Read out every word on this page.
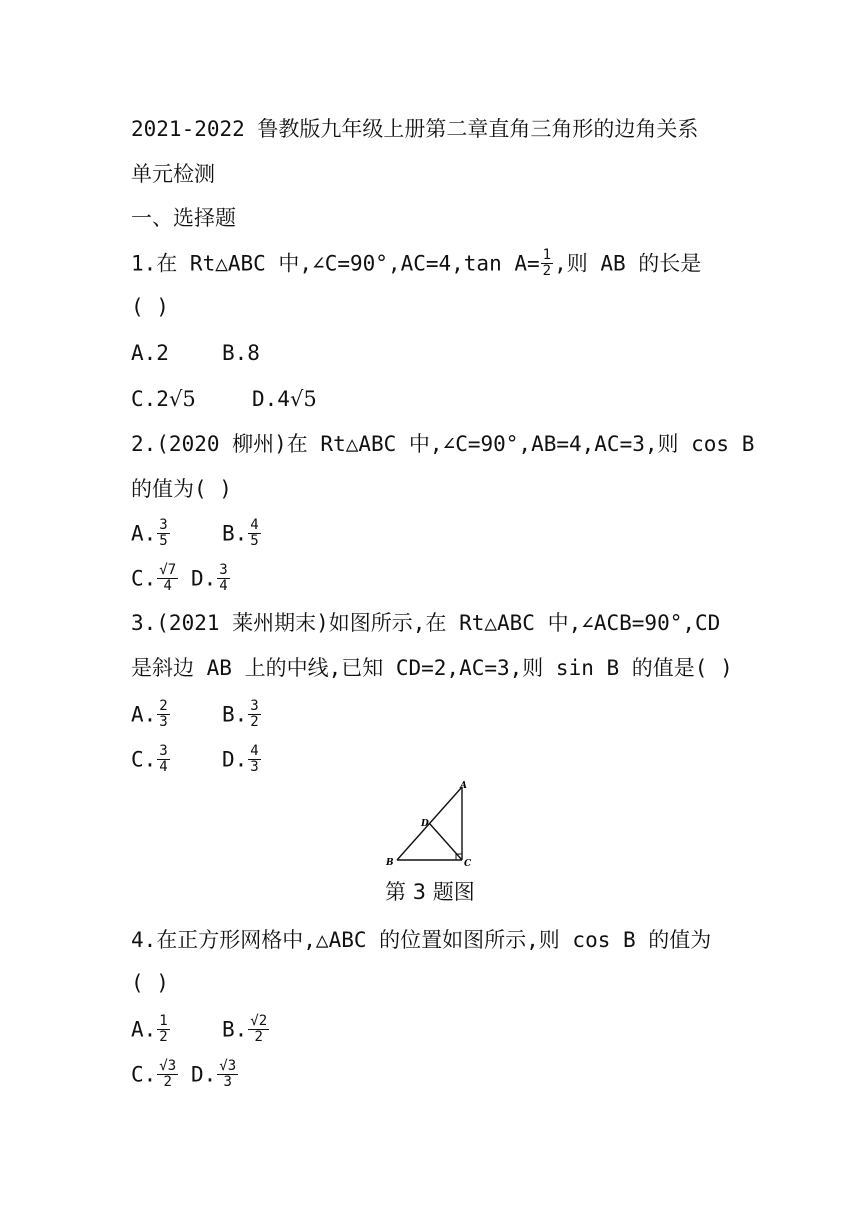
2021-2022 鲁教版九年级上册第二章直角三角形的边角关系
单元检测
一、选择题
1.在 Rt△ABC 中,∠C=90°,AC=4,tan $A= \frac{1}{2}$ ,则 AB 的长是
( )
A.2	B.8
C.2√5	D.4√5
2.(2020 柳州)在 Rt△ABC 中,∠C=90°,AB=4,AC=3,则 cos B
的值为( )
A. $\frac{3}{5} B$. $\frac{4}{5}$
C. $\frac{√7}{4} D$. $\frac{3}{4}$
3.(2021 莱州期末)如图所示,在 Rt△ABC 中,∠ACB=90°,CD
是斜边 AB 上的中线,已知 CD=2,AC=3,则 sin B 的值是( )
A. $\frac{2}{3} B$. $\frac{3}{2}$
C. $\frac{3}{4} D$. $\frac{4}{3}$
A
B	C
D
第 3 题图
4.在正方形网格中,△ABC 的位置如图所示,则 cos B 的值为
( )
A. $\frac{1}{2} B$. $\frac{√2}{2}$
C. $\frac{√3}{2} D$. $\frac{√3}{3}$
